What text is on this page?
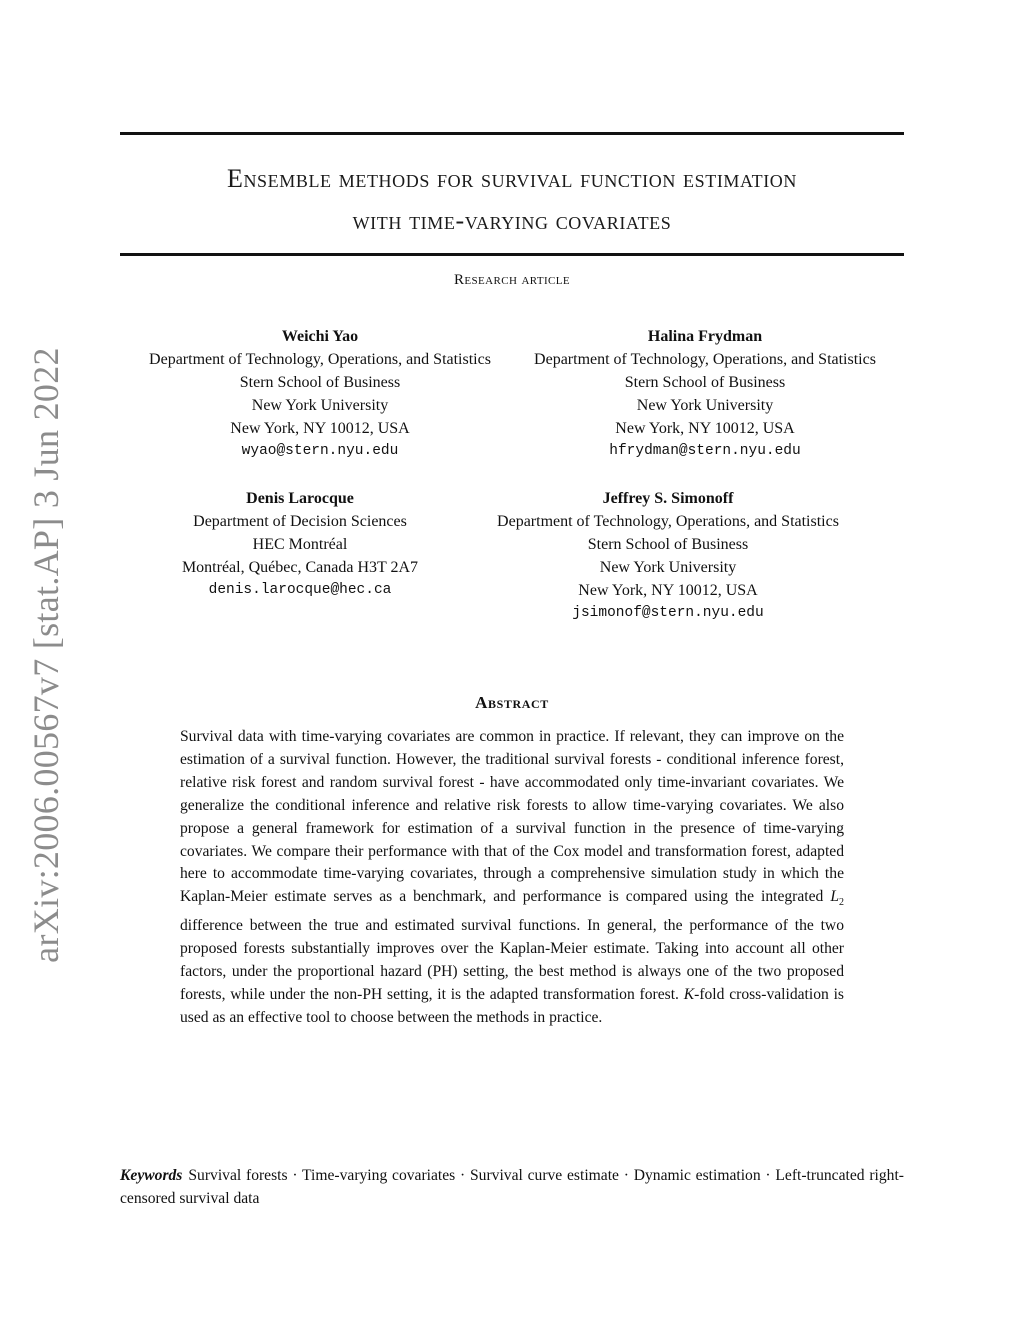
arXiv:2006.00567v7 [stat.AP] 3 Jun 2022
Ensemble methods for survival function estimation
with time-varying covariates
Research article
Weichi Yao
Department of Technology, Operations, and Statistics
Stern School of Business
New York University
New York, NY 10012, USA
wyao@stern.nyu.edu
Halina Frydman
Department of Technology, Operations, and Statistics
Stern School of Business
New York University
New York, NY 10012, USA
hfrydman@stern.nyu.edu
Denis Larocque
Department of Decision Sciences
HEC Montréal
Montréal, Québec, Canada H3T 2A7
denis.larocque@hec.ca
Jeffrey S. Simonoff
Department of Technology, Operations, and Statistics
Stern School of Business
New York University
New York, NY 10012, USA
jsimonof@stern.nyu.edu
Abstract
Survival data with time-varying covariates are common in practice. If relevant, they can improve on the estimation of a survival function. However, the traditional survival forests - conditional inference forest, relative risk forest and random survival forest - have accommodated only time-invariant covariates. We generalize the conditional inference and relative risk forests to allow time-varying covariates. We also propose a general framework for estimation of a survival function in the presence of time-varying covariates. We compare their performance with that of the Cox model and transformation forest, adapted here to accommodate time-varying covariates, through a comprehensive simulation study in which the Kaplan-Meier estimate serves as a benchmark, and performance is compared using the integrated $L_2$ difference between the true and estimated survival functions. In general, the performance of the two proposed forests substantially improves over the Kaplan-Meier estimate. Taking into account all other factors, under the proportional hazard (PH) setting, the best method is always one of the two proposed forests, while under the non-PH setting, it is the adapted transformation forest. K-fold cross-validation is used as an effective tool to choose between the methods in practice.
Keywords Survival forests · Time-varying covariates · Survival curve estimate · Dynamic estimation · Left-truncated right-censored survival data
